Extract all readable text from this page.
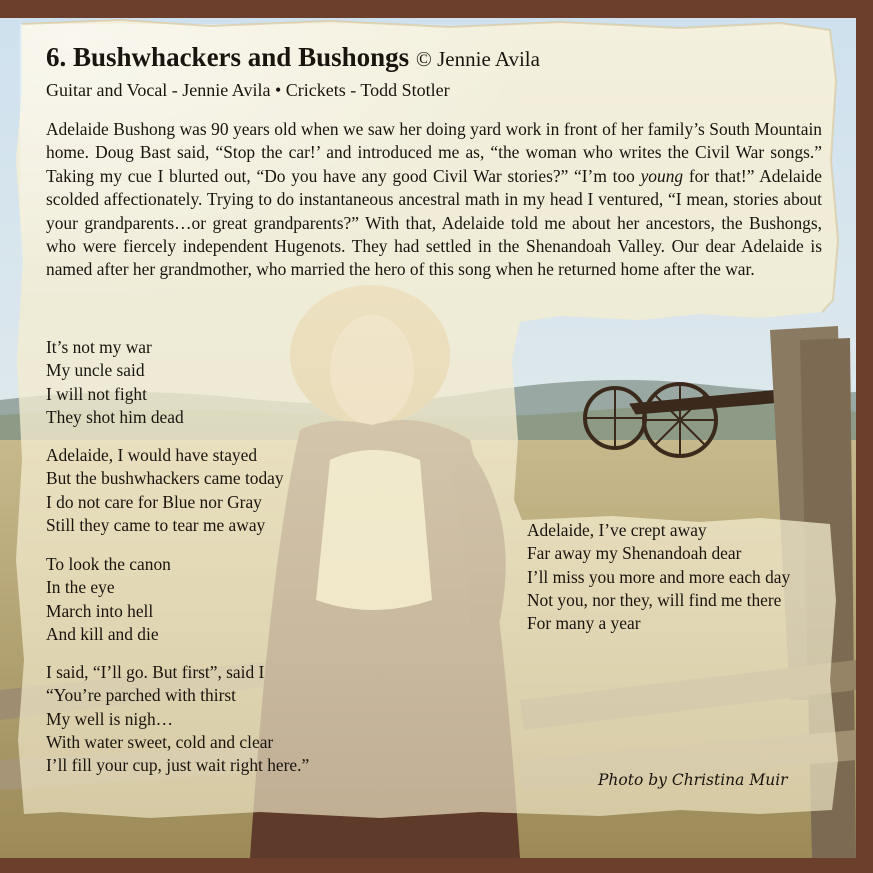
6. Bushwhackers and Bushongs © Jennie Avila

Guitar and Vocal - Jennie Avila • Crickets - Todd Stotler

Adelaide Bushong was 90 years old when we saw her doing yard work in front of her family’s South Mountain home. Doug Bast said, “Stop the car!’ and introduced me as, “the woman who writes the Civil War songs.” Taking my cue I blurted out, “Do you have any good Civil War stories?” “I’m too young for that!” Adelaide scolded affectionately. Trying to do instantaneous ancestral math in my head I ventured, “I mean, stories about your grandparents…or great grandparents?” With that, Adelaide told me about her ancestors, the Bushongs, who were fiercely independent Hugenots. They had settled in the Shenandoah Valley. Our dear Adelaide is named after her grandmother, who married the hero of this song when he returned home after the war.

It’s not my war
My uncle said
I will not fight
They shot him dead

Adelaide, I would have stayed
But the bushwhackers came today
I do not care for Blue nor Gray
Still they came to tear me away

To look the canon
In the eye
March into hell
And kill and die

I said, “I’ll go. But first”, said I
“You’re parched with thirst
My well is nigh…
With water sweet, cold and clear
I’ll fill your cup, just wait right here.”

Adelaide, I’ve crept away
Far away my Shenandoah dear
I’ll miss you more and more each day
Not you, nor they, will find me there
For many a year

Photo by Christina Muir
